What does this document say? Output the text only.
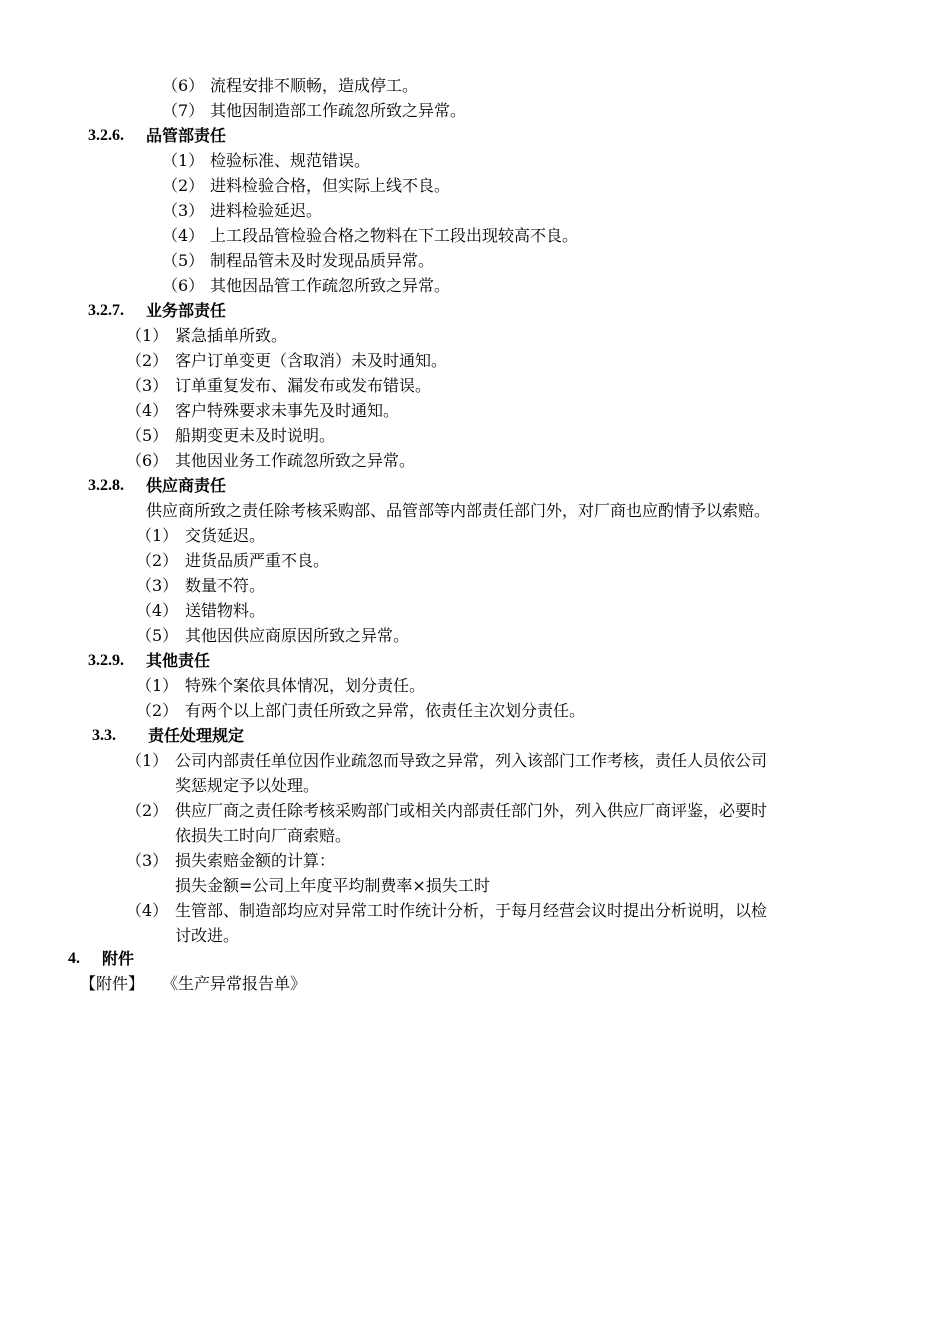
（6） 流程安排不顺畅，造成停工。
（7） 其他因制造部工作疏忽所致之异常。
3.2.6. 品管部责任
（1） 检验标准、规范错误。
（2） 进料检验合格，但实际上线不良。
（3） 进料检验延迟。
（4） 上工段品管检验合格之物料在下工段出现较高不良。
（5） 制程品管未及时发现品质异常。
（6） 其他因品管工作疏忽所致之异常。
3.2.7. 业务部责任
（1） 紧急插单所致。
（2） 客户订单变更（含取消）未及时通知。
（3） 订单重复发布、漏发布或发布错误。
（4） 客户特殊要求未事先及时通知。
（5） 船期变更未及时说明。
（6） 其他因业务工作疏忽所致之异常。
3.2.8. 供应商责任
供应商所致之责任除考核采购部、品管部等内部责任部门外，对厂商也应酌情予以索赔。
（1） 交货延迟。
（2） 进货品质严重不良。
（3） 数量不符。
（4） 送错物料。
（5） 其他因供应商原因所致之异常。
3.2.9. 其他责任
（1） 特殊个案依具体情况，划分责任。
（2） 有两个以上部门责任所致之异常，依责任主次划分责任。
3.3. 责任处理规定
（1） 公司内部责任单位因作业疏忽而导致之异常，列入该部门工作考核，责任人员依公司
奖惩规定予以处理。
（2） 供应厂商之责任除考核采购部门或相关内部责任部门外，列入供应厂商评鉴，必要时
依损失工时向厂商索赔。
（3） 损失索赔金额的计算：
损失金额=公司上年度平均制费率×损失工时
（4） 生管部、制造部均应对异常工时作统计分析，于每月经营会议时提出分析说明，以检
讨改进。
4. 附件
【附件】 《生产异常报告单》
